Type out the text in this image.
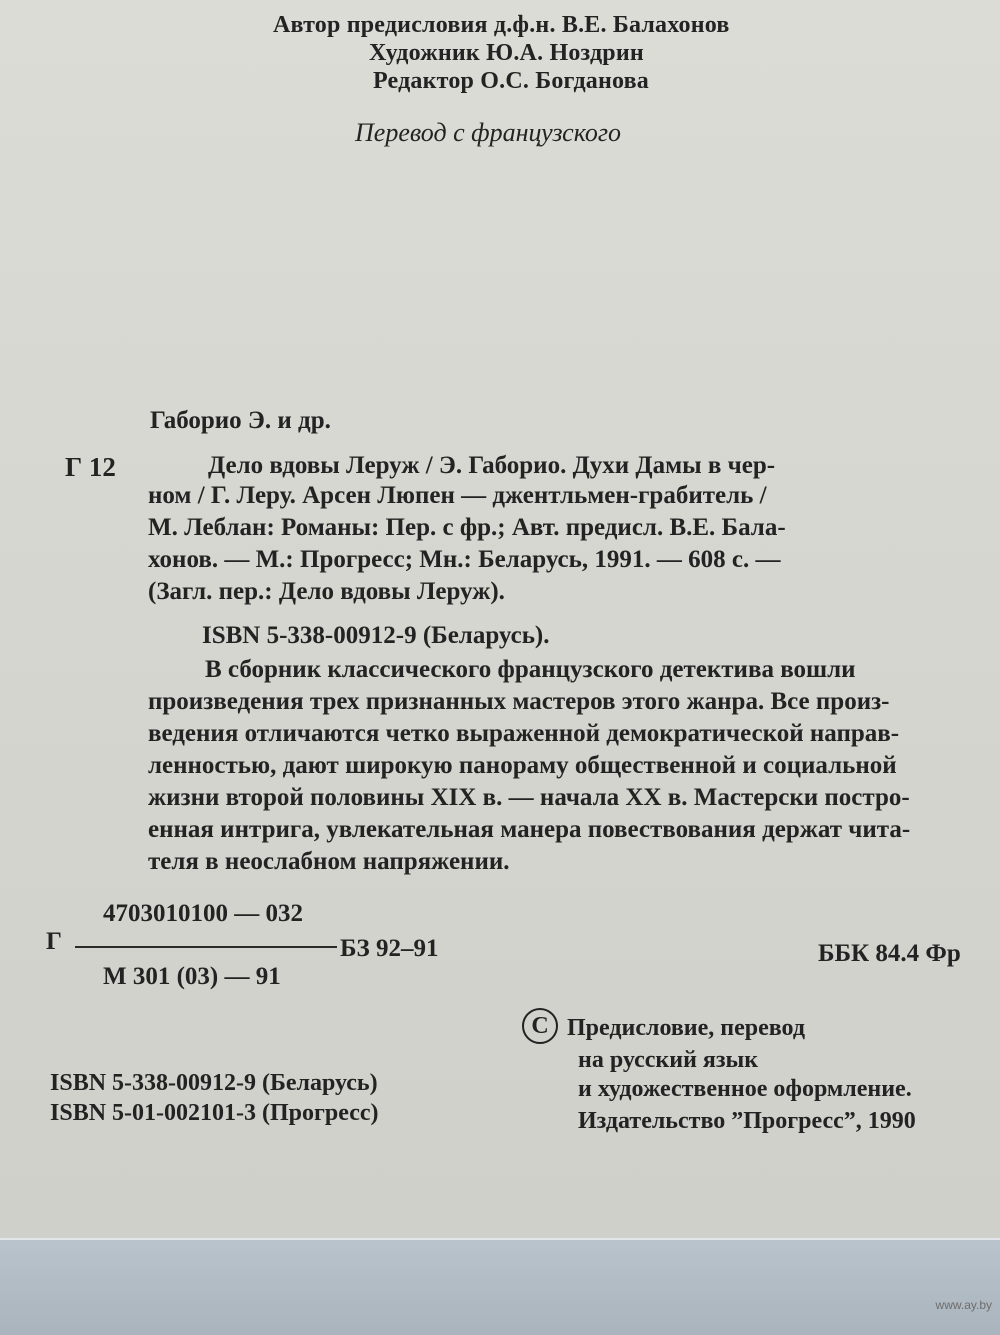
Автор предисловия д.ф.н. В.Е. Балахонов
Художник Ю.А. Ноздрин
Редактор О.С. Богданова
Перевод с французского
Габорио Э. и др.
Г 12	Дело вдовы Леруж / Э. Габорио. Духи Дамы в чер-
ном / Г. Леру. Арсен Люпен — джентльмен-грабитель /
М. Леблан: Романы: Пер. с фр.; Авт. предисл. В.Е. Бала-
хонов. — М.: Прогресс; Мн.: Беларусь, 1991. — 608 с. —
(Загл. пер.: Дело вдовы Леруж).
ISBN 5-338-00912-9 (Беларусь).
В сборник классического французского детектива вошли
произведения трех признанных мастеров этого жанра. Все произ-
ведения отличаются четко выраженной демократической направ-
ленностью, дают широкую панораму общественной и социальной
жизни второй половины XIX в. — начала XX в. Мастерски постро-
енная интрига, увлекательная манера повествования держат чита-
теля в неослабном напряжении.
4703010100 — 032
Г	БЗ 92–91
М 301 (03) — 91
ББК 84.4 Фр
C Предисловие, перевод
на русский язык
и художественное оформление.
Издательство ”Прогресс”, 1990
ISBN 5-338-00912-9 (Беларусь)
ISBN 5-01-002101-3 (Прогресс)
www.ay.by
